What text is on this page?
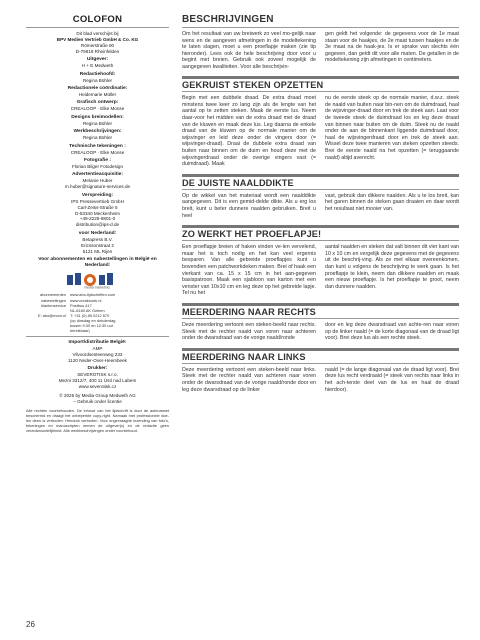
COLOFON
Dit blad verschijnt bij
BPV Medien Vertrieb GmbH & Co. KG
Römerstraße 90
D-79618 Rheinfelden
Uitgever:
H + E Medweth
Redactiehoofd:
Regina Bühler
Redactionele coördinatie:
Heidemarie Müller
Grafisch ontwerp:
CREALOOP · Elke Monse
Designs breimodellen:
Regina Bühler
Werkbeschrijvingen:
Regina Bühler
Technische tekeningen :
CREALOOP · Elke Monse
Fotografie :
Florian Bilger Fotodesign
Advertentieacquisitie:
Melanie Huber
m.huber@signature-services.de
Verspreiding:
IPS Pressevertrieb GmbH
Carl-Zeiss-Straße 5
D-53340 Meckenheim
+49-2225-8801-0
distribution@ips-d.de
voor Nederland:
Betapress B.V.
Ericssonstraat 2
5121 ML Rijen
Voor abonnementen en nabestellingen in België en Nederland:
media marketing
abonnementen
nabestellingen
klantenservice

E: abo@mom.nl

www.abo-tijdschriften.com
www.creaknoek.nl
Postbus 417
NL-6160 AK Geleen
T: +31 (0) 85 0212 670
(op dinsdag en donderdag
tussen 9:30 en 12:30 uur
bereikbaar)
Import/distributie België:
AMP
Vilvoordsesteenweg 233
1120 Neder-Over-Heembeek
Drukker:
SEVEROTISK s.r.o.
Mezni 3312/7, 400 11 Ústí nad Labem
www.severotisk.cz
© 2026 by Media Group Medweth AG
– Gebruik onder licentie
Alle rechten voorbehouden. De inhoud van het tijdschrift is door de auteurswet beschermd en draagt het onbeperkte copy-right. Namaak met professionele doe-len deen is verboden. Hendruk verboden. Voor ongevraagde inzending van foto's, tekeningen en manuscripten nemen de uitgever(s) en de redactie geen verantwoordelijkheid. Alle werkbeschrijvingen onder voorbehoud.
26
BESCHRIJVINGEN
Om het resultaat van uw breiwerk zo veel mo-gelijk naar wens en de aangeven afmetingen in de modeltekening te laten slagen, moet u een proeflapje maken (zie tip hieronder). Lees ook de hele beschrijving door voor u begint met breien. Gebruik ook zoveel mogelijk de aangegeven kwaliteiten. Voor alle beschrijvin-
gen geldt het volgende: de gegevens voor de 1e maat staan voor de haakjes, de 2e maat tussen haakjes en de 3e maat na de haak-jes. Is er sprake van slechts één gegeven, dan geldt dit voor alle maten. De getallen in de modeltekening zijn afmetingen in centimeters.
GEKRUIST STEKEN OPZETTEN
Begin met een dubbele draad. De extra draad moet minstens twee keer zo lang zijn als de lengte van het aantal op te zetten steken. Maak de eerste lus. Neem daar-voor het midden van de extra draad met de draad van de kluwen en maak deze lus. Leg daarna de enkele draad van de kluwen op de normale manier om de wijsvinger en leid deze onder de vingers door (= wijsvinger-draad). Draai de dubbele extra draad van buiten naar binnen om de duim en houd deze met de wijsvingerdraad onder de overige vingers vast (= duimdraad). Maak
nu de eerste steek op de normale manier, d.w.z. steek de naald van buiten naar bin-nen om de duimdraad, haal de wijsvinger-draad door en trek de steek aan. Laat voor de tweede steek de duimdraad los en leg deze draad van binnen naar buiten om de duim. Steek nu de naald onder de aan de binnenkant liggende duimdraad door, haal de wijsvingerdraad door en trek de steek aan. Wissel deze twee manieren van steken opzetten steeds. Brei de eerste naald na het opzetten (= teruggaande naald) altijd averecht.
DE JUISTE NAALDDIKTE
Op de wikkel van het materiaal wordt een naalddikte aangegeven. Dit is een gemid-delde dikte. Als u erg los breit, kunt u beter dunnere naalden gebruiken. Breit u heel
vast, gebruik dan dikkere naalden. Als u te los breit, kan het garen binnen de steken gaan draaien en daar wordt het resultaat niet mooier van.
ZO WERKT HET PROEFLAPJE!
Een proeflapje breien of haken vinden ve-len vervelend, maar het is toch nodig en het kan veel ergernis besparen. Van alle gebreide proeflapjes kunt u bovendien een patchworkdeken maken. Brei of haak een vierkant van ca. 15 x 15 cm in het aan-gegeven basispatroon. Maak een sjabloon van karton met een venster van 10x10 cm en leg deze op het gebreide lapje. Tel nu het
aantal naalden en steken dat valt binnen dit vier kant van 10 x 10 cm en vergelijk deze gegevens met de gegevens uit de beschrij-ving. Als ze met elkaar overeenkomen, dan kunt u volgens de beschrijving te werk gaan. Is het proeflapje te klein, neem dan dikkere naalden en maak een nieuw proeflapje. Is het proeflapje te groot, neem dan dunnere naalden.
MEERDERING NAAR RECHTS
Deze meerdering vertoont een steken-beeld naar rechts. Steek met de rechter naald van voren naar achteren onder de dwarsdraad van de vorige naald/ronde
door en leg deze dwarsdraad van achte-ren naar voren op de linker naald (= de korte diagonaal van de draad ligt voor). Brei deze lus als een rechte steek.
MEERDERING NAAR LINKS
Deze meerdering vertoont een steken-beeld naar links. Steek met de rechter naald van achteren naar voren onder de dwarsdraad van de vorige naald/ronde door en leg deze dwarsdraad op de linker
naald (= de lange diagonaal van de draad ligt voor). Brei deze lus recht verdraaid (= steek van rechts naar links in het ach-terste deel van de lus en haal de draad hierdoor).
